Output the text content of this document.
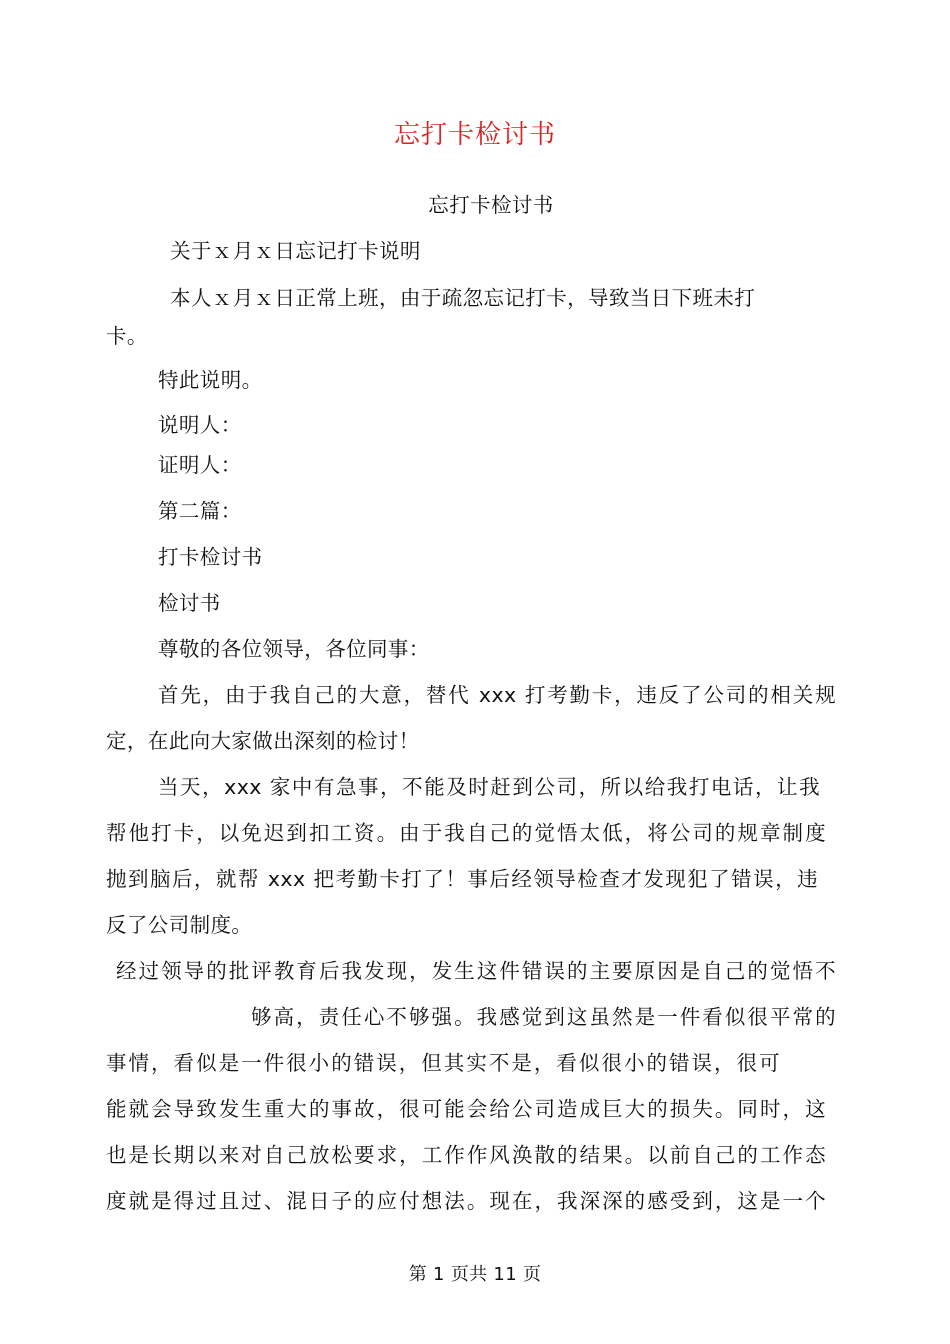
忘打卡检讨书
忘打卡检讨书
关于ｘ月ｘ日忘记打卡说明
本人ｘ月ｘ日正常上班，由于疏忽忘记打卡，导致当日下班未打
卡。
特此说明。
说明人：
证明人：
第二篇：
打卡检讨书
检讨书
尊敬的各位领导，各位同事：
首先，由于我自己的大意，替代 xxx 打考勤卡，违反了公司的相关规
定，在此向大家做出深刻的检讨！
当天，xxx 家中有急事，不能及时赶到公司，所以给我打电话，让我
帮他打卡，以免迟到扣工资。由于我自己的觉悟太低，将公司的规章制度
抛到脑后，就帮 xxx 把考勤卡打了！事后经领导检查才发现犯了错误，违
反了公司制度。
经过领导的批评教育后我发现，发生这件错误的主要原因是自己的觉悟不
够高，责任心不够强。我感觉到这虽然是一件看似很平常的
事情，看似是一件很小的错误，但其实不是，看似很小的错误，很可
能就会导致发生重大的事故，很可能会给公司造成巨大的损失。同时，这
也是长期以来对自己放松要求，工作作风涣散的结果。以前自己的工作态
度就是得过且过、混日子的应付想法。现在，我深深的感受到，这是一个
第 1 页共 11 页
